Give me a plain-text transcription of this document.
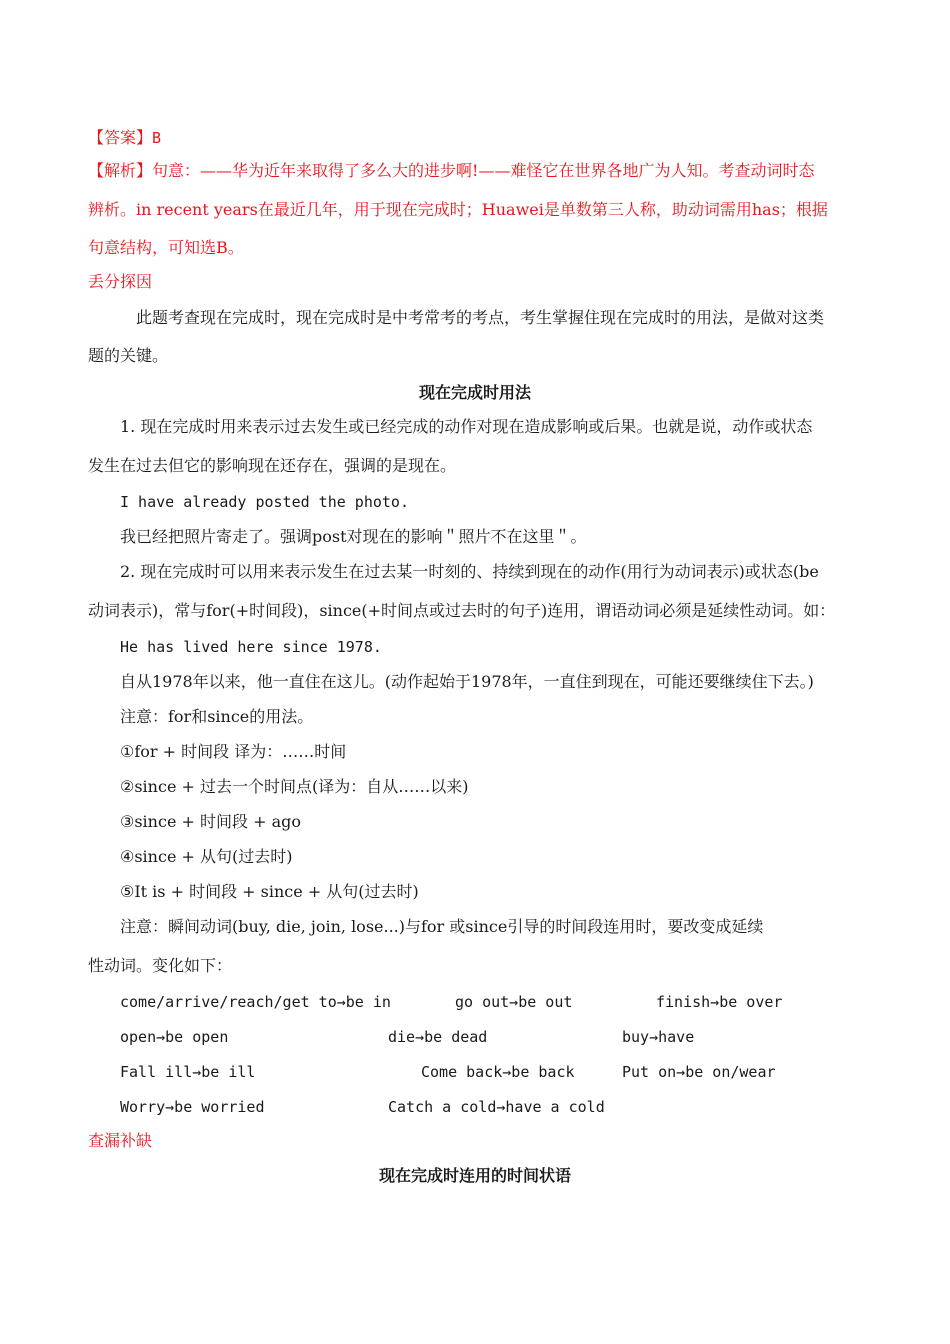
【答案】B
【解析】句意：——华为近年来取得了多么大的进步啊!——难怪它在世界各地广为人知。考查动词时态
辨析。in recent years在最近几年，用于现在完成时；Huawei是单数第三人称，助动词需用has；根据
句意结构，可知选B。
丢分探因
此题考查现在完成时，现在完成时是中考常考的考点，考生掌握住现在完成时的用法，是做对这类
题的关键。
现在完成时用法
1. 现在完成时用来表示过去发生或已经完成的动作对现在造成影响或后果。也就是说，动作或状态
发生在过去但它的影响现在还存在，强调的是现在。
I have already posted the photo.
我已经把照片寄走了。强调post对现在的影响＂照片不在这里＂。
2. 现在完成时可以用来表示发生在过去某一时刻的、持续到现在的动作(用行为动词表示)或状态(be
动词表示)，常与for(+时间段)，since(+时间点或过去时的句子)连用，谓语动词必须是延续性动词。如：
He has lived here since 1978.
自从1978年以来，他一直住在这儿。(动作起始于1978年，一直住到现在，可能还要继续住下去。)
注意：for和since的用法。
①for + 时间段 译为：……时间
②since + 过去一个时间点(译为：自从……以来)
③since + 时间段 + ago
④since + 从句(过去时)
⑤It is + 时间段 + since + 从句(过去时)
注意：瞬间动词(buy, die, join, lose...)与for 或since引导的时间段连用时，要改变成延续
性动词。变化如下：
come/arrive/reach/get to→be in	go out→be out	finish→be over
open→be open	die→be dead	buy→have
Fall ill→be ill	Come back→be back	Put on→be on/wear
Worry→be worried	Catch a cold→have a cold
查漏补缺
现在完成时连用的时间状语
